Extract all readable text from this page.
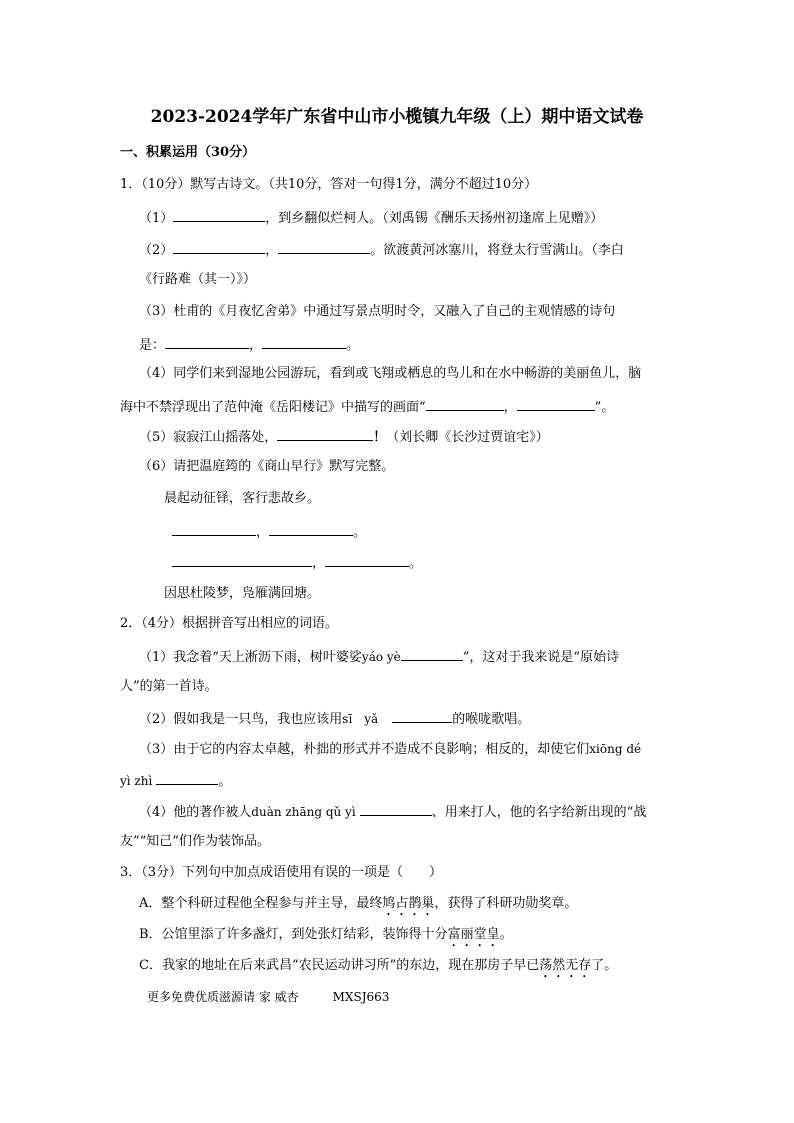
2023-2024学年广东省中山市小榄镇九年级（上）期中语文试卷
一、积累运用（30分）
1．（10分）默写古诗文。（共10分，答对一句得1分，满分不超过10分）
（1）	，到乡翻似烂柯人。（刘禹锡《酬乐天扬州初逢席上见赠》）
（2）	，	。欲渡黄河冰塞川，将登太行雪满山。（李白
《行路难（其一）》）
（3）杜甫的《月夜忆舍弟》中通过写景点明时令，又融入了自己的主观情感的诗句
是：	，	。
（4）同学们来到湿地公园游玩，看到或飞翔或栖息的鸟儿和在水中畅游的美丽鱼儿，脑
海中不禁浮现出了范仲淹《岳阳楼记》中描写的画面“	，	”。
（5）寂寂江山摇落处，	！（刘长卿《长沙过贾谊宅》）
（6）请把温庭筠的《商山早行》默写完整。
晨起动征铎，客行悲故乡。
，	。
，	。
因思杜陵梦，凫雁满回塘。
2．（4分）根据拼音写出相应的词语。
（1）我念着“天上淅沥下雨，树叶婆娑yáo yè	”，这对于我来说是“原始诗
人”的第一首诗。
（2）假如我是一只鸟，我也应该用sī　yǎ	的喉咙歌唱。
（3）由于它的内容太卓越，朴拙的形式并不造成不良影响；相反的，却使它们xiōng dé
yì zhì	。
（4）他的著作被人duàn zhāng qǔ yì	、用来打人，他的名字给新出现的“战
友”“知己”们作为装饰品。
3．（3分）下列句中加点成语使用有误的一项是（　　）
A．整个科研过程他全程参与并主导，最终鸠占鹊巢，获得了科研功勋奖章。
B．公馆里添了许多盏灯，到处张灯结彩，装饰得十分富丽堂皇。
C．我家的地址在后来武昌“农民运动讲习所”的东边，现在那房子早已荡然无存了。
更多免费优质滋源请 家 威杏	MXSJ663
